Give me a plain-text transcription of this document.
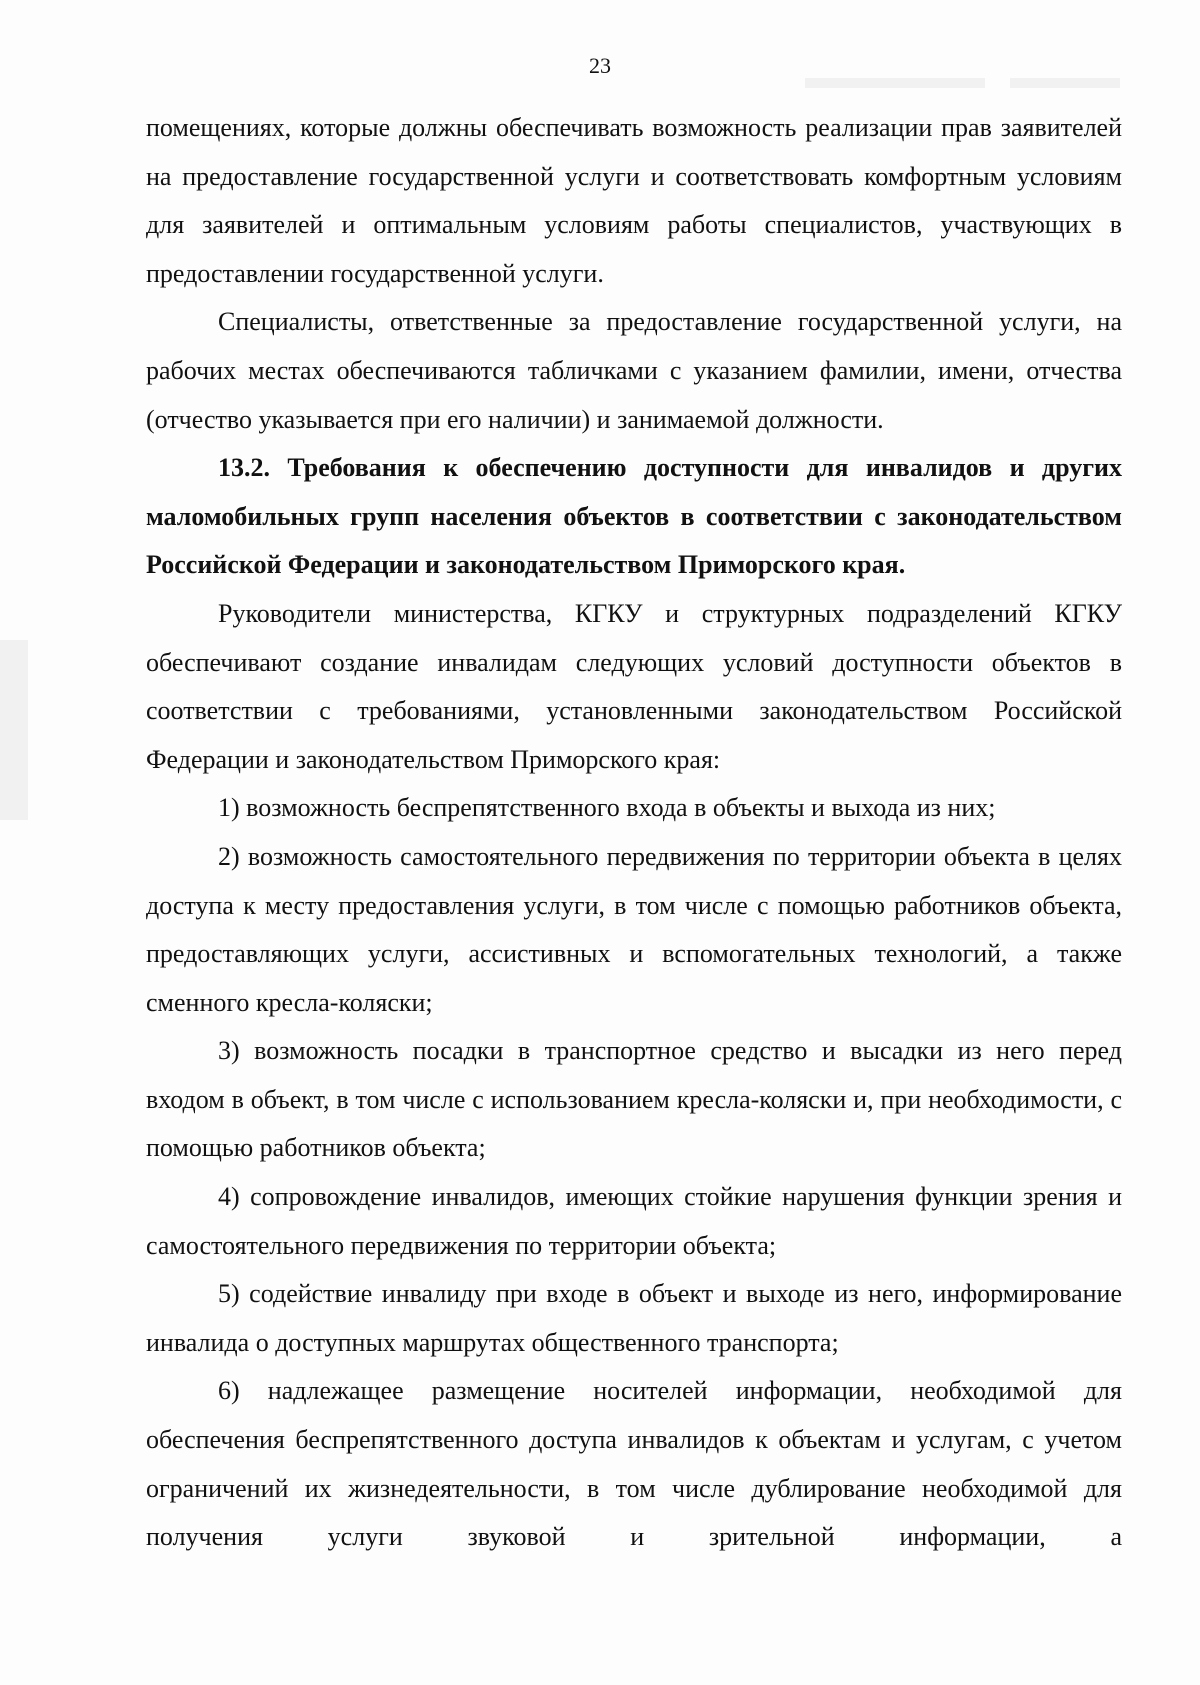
23

помещениях, которые должны обеспечивать возможность реализации прав заявителей на предоставление государственной услуги и соответствовать комфортным условиям для заявителей и оптимальным условиям работы специалистов, участвующих в предоставлении государственной услуги.

Специалисты, ответственные за предоставление государственной услуги, на рабочих местах обеспечиваются табличками с указанием фамилии, имени, отчества (отчество указывается при его наличии) и занимаемой должности.

13.2. Требования к обеспечению доступности для инвалидов и других маломобильных групп населения объектов в соответствии с законодательством Российской Федерации и законодательством Приморского края.

Руководители министерства, КГКУ и структурных подразделений КГКУ обеспечивают создание инвалидам следующих условий доступности объектов в соответствии с требованиями, установленными законодательством Российской Федерации и законодательством Приморского края:

1) возможность беспрепятственного входа в объекты и выхода из них;

2) возможность самостоятельного передвижения по территории объекта в целях доступа к месту предоставления услуги, в том числе с помощью работников объекта, предоставляющих услуги, ассистивных и вспомогательных технологий, а также сменного кресла-коляски;

3) возможность посадки в транспортное средство и высадки из него перед входом в объект, в том числе с использованием кресла-коляски и, при необходимости, с помощью работников объекта;

4) сопровождение инвалидов, имеющих стойкие нарушения функции зрения и самостоятельного передвижения по территории объекта;

5) содействие инвалиду при входе в объект и выходе из него, информирование инвалида о доступных маршрутах общественного транспорта;

6) надлежащее размещение носителей информации, необходимой для обеспечения беспрепятственного доступа инвалидов к объектам и услугам, с учетом ограничений их жизнедеятельности, в том числе дублирование необходимой для получения услуги звуковой и зрительной информации, а
